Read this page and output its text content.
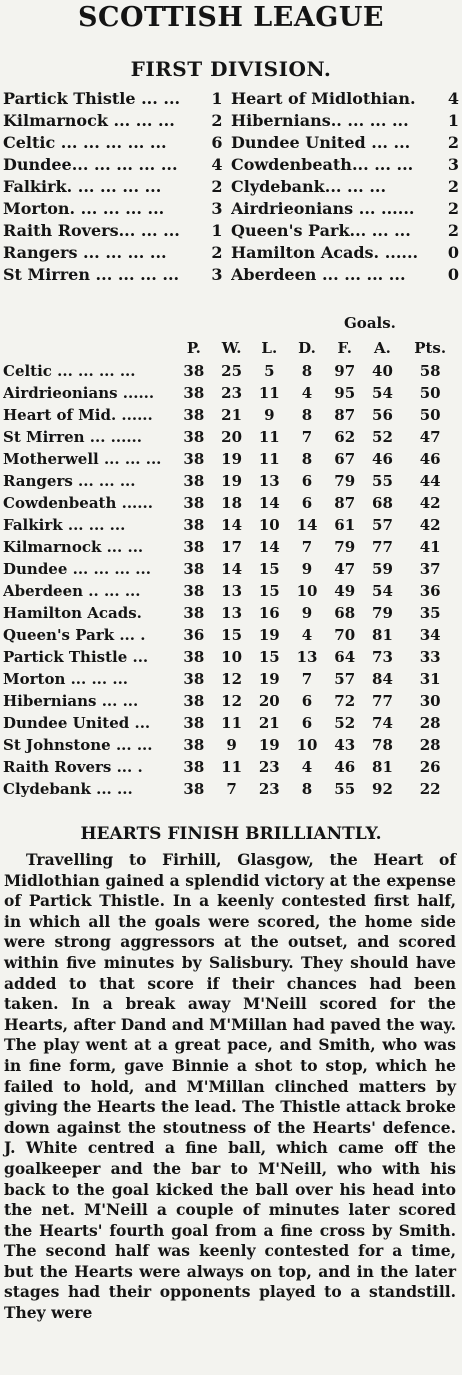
SCOTTISH LEAGUE
FIRST DIVISION.
Partick Thistle ... ...	1 Heart of Midlothian.	4
Kilmarnock ... ... ...	2 Hibernians.. ... ... ...	1
Celtic ... ... ... ... ...	6 Dundee United ... ...	2
Dundee... ... ... ... ...	4 Cowdenbeath... ... ...	3
Falkirk. ... ... ... ...	2 Clydebank... ... ...	2
Morton. ... ... ... ...	3 Airdrieonians ... ......	2
Raith Rovers... ... ...	1 Queen's Park... ... ...	2
Rangers ... ... ... ...	2 Hamilton Acads. ......	0
St Mirren ... ... ... ...	3 Aberdeen ... ... ... ...	0
Goals.
	P.	W.	L.	D.	F.	A.	Pts.
Celtic ... ... ... ...	38	25	5	8	97	40	58
Airdrieonians ......	38	23	11	4	95	54	50
Heart of Mid. ......	38	21	9	8	87	56	50
St Mirren ... ......	38	20	11	7	62	52	47
Motherwell ... ... ...	38	19	11	8	67	46	46
Rangers ... ... ...	38	19	13	6	79	55	44
Cowdenbeath ......	38	18	14	6	87	68	42
Falkirk ... ... ...	38	14	10	14	61	57	42
Kilmarnock ... ...	38	17	14	7	79	77	41
Dundee ... ... ... ...	38	14	15	9	47	59	37
Aberdeen .. ... ...	38	13	15	10	49	54	36
Hamilton Acads.	38	13	16	9	68	79	35
Queen's Park ... .	36	15	19	4	70	81	34
Partick Thistle ...	38	10	15	13	64	73	33
Morton ... ... ...	38	12	19	7	57	84	31
Hibernians ... ...	38	12	20	6	72	77	30
Dundee United ...	38	11	21	6	52	74	28
St Johnstone ... ...	38	9	19	10	43	78	28
Raith Rovers ... .	38	11	23	4	46	81	26
Clydebank ... ...	38	7	23	8	55	92	22
HEARTS FINISH BRILLIANTLY.

Travelling to Firhill, Glasgow, the Heart of Midlothian gained a splendid victory at the expense of Partick Thistle. In a keenly contested first half, in which all the goals were scored, the home side were strong aggressors at the outset, and scored within five minutes by Salisbury. They should have added to that score if their chances had been taken. In a break away M'Neill scored for the Hearts, after Dand and M'Millan had paved the way. The play went at a great pace, and Smith, who was in fine form, gave Binnie a shot to stop, which he failed to hold, and M'Millan clinched matters by giving the Hearts the lead. The Thistle attack broke down against the stoutness of the Hearts' defence. J. White centred a fine ball, which came off the goalkeeper and the bar to M'Neill, who with his back to the goal kicked the ball over his head into the net. M'Neill a couple of minutes later scored the Hearts' fourth goal from a fine cross by Smith. The second half was keenly contested for a time, but the Hearts were always on top, and in the later stages had their opponents played to a standstill. They were
